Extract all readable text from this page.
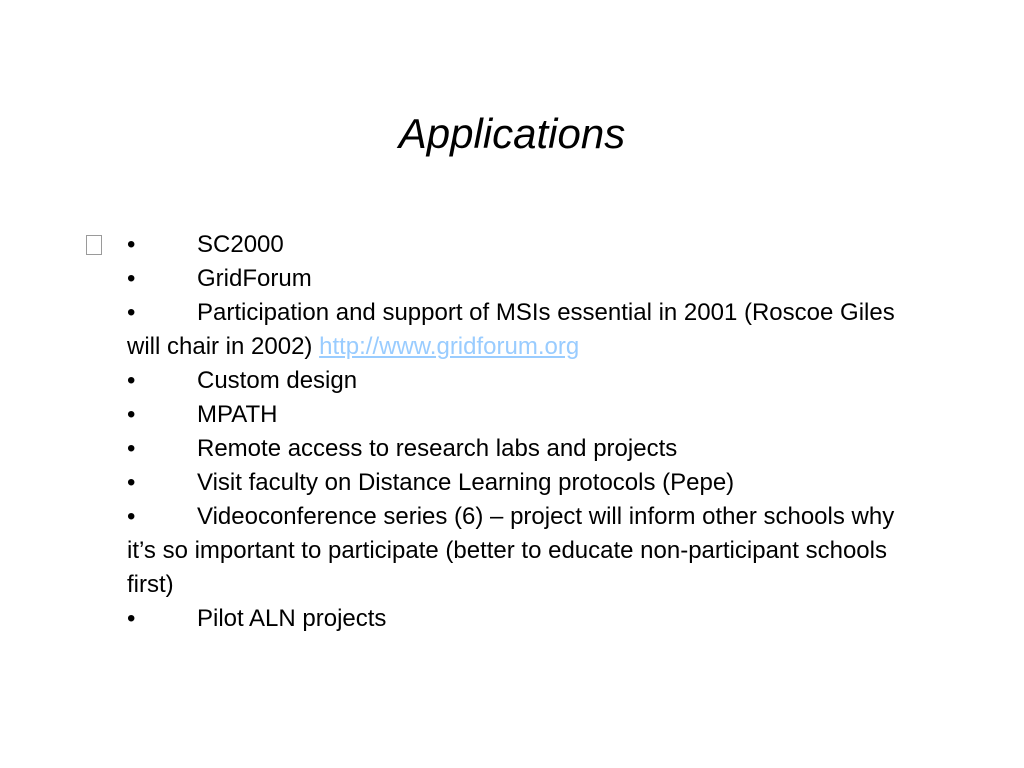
Applications

•	SC2000

•	GridForum

•	Participation and support of MSIs essential in 2001 (Roscoe Giles will chair in 2002) http://www.gridforum.org

•	Custom design

•	MPATH

•	Remote access to research labs and projects

•	Visit faculty on Distance Learning protocols (Pepe)

•	Videoconference series (6) – project will inform other schools why it’s so important to participate (better to educate non-participant schools first)

•	Pilot ALN projects
